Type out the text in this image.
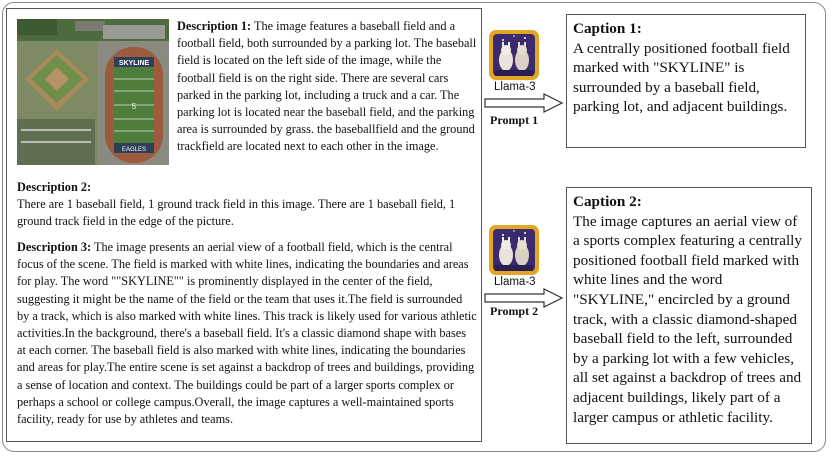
SKYLINE
5
EAGLES
Description 1: The image features a baseball field and a football field, both surrounded by a parking lot. The baseball field is located on the left side of the image, while the football field is on the right side. There are several cars parked in the parking lot, including a truck and a car. The parking lot is located near the baseball field, and the parking area is surrounded by grass. the baseballfield and the ground trackfield are located next to each other in the image.
Description 2:
There are 1 baseball field, 1 ground track field in this image. There are 1 baseball field, 1 ground track field in the edge of the picture.
Description 3: The image presents an aerial view of a football field, which is the central focus of the scene. The field is marked with white lines, indicating the boundaries and areas for play. The word ""SKYLINE"" is prominently displayed in the center of the field, suggesting it might be the name of the field or the team that uses it.The field is surrounded by a track, which is also marked with white lines. This track is likely used for various athletic activities.In the background, there's a baseball field. It's a classic diamond shape with bases at each corner. The baseball field is also marked with white lines, indicating the boundaries and areas for play.The entire scene is set against a backdrop of trees and buildings, providing a sense of location and context. The buildings could be part of a larger sports complex or perhaps a school or college campus.Overall, the image captures a well-maintained sports facility, ready for use by athletes and teams.
Llama-3
Prompt 1
Llama-3
Prompt 2
Caption 1:
A centrally positioned football field marked with "SKYLINE" is surrounded by a baseball field, parking lot, and adjacent buildings.
Caption 2:
The image captures an aerial view of a sports complex featuring a centrally positioned football field marked with white lines and the word "SKYLINE," encircled by a ground track, with a classic diamond-shaped baseball field to the left, surrounded by a parking lot with a few vehicles, all set against a backdrop of trees and adjacent buildings, likely part of a larger campus or athletic facility.
